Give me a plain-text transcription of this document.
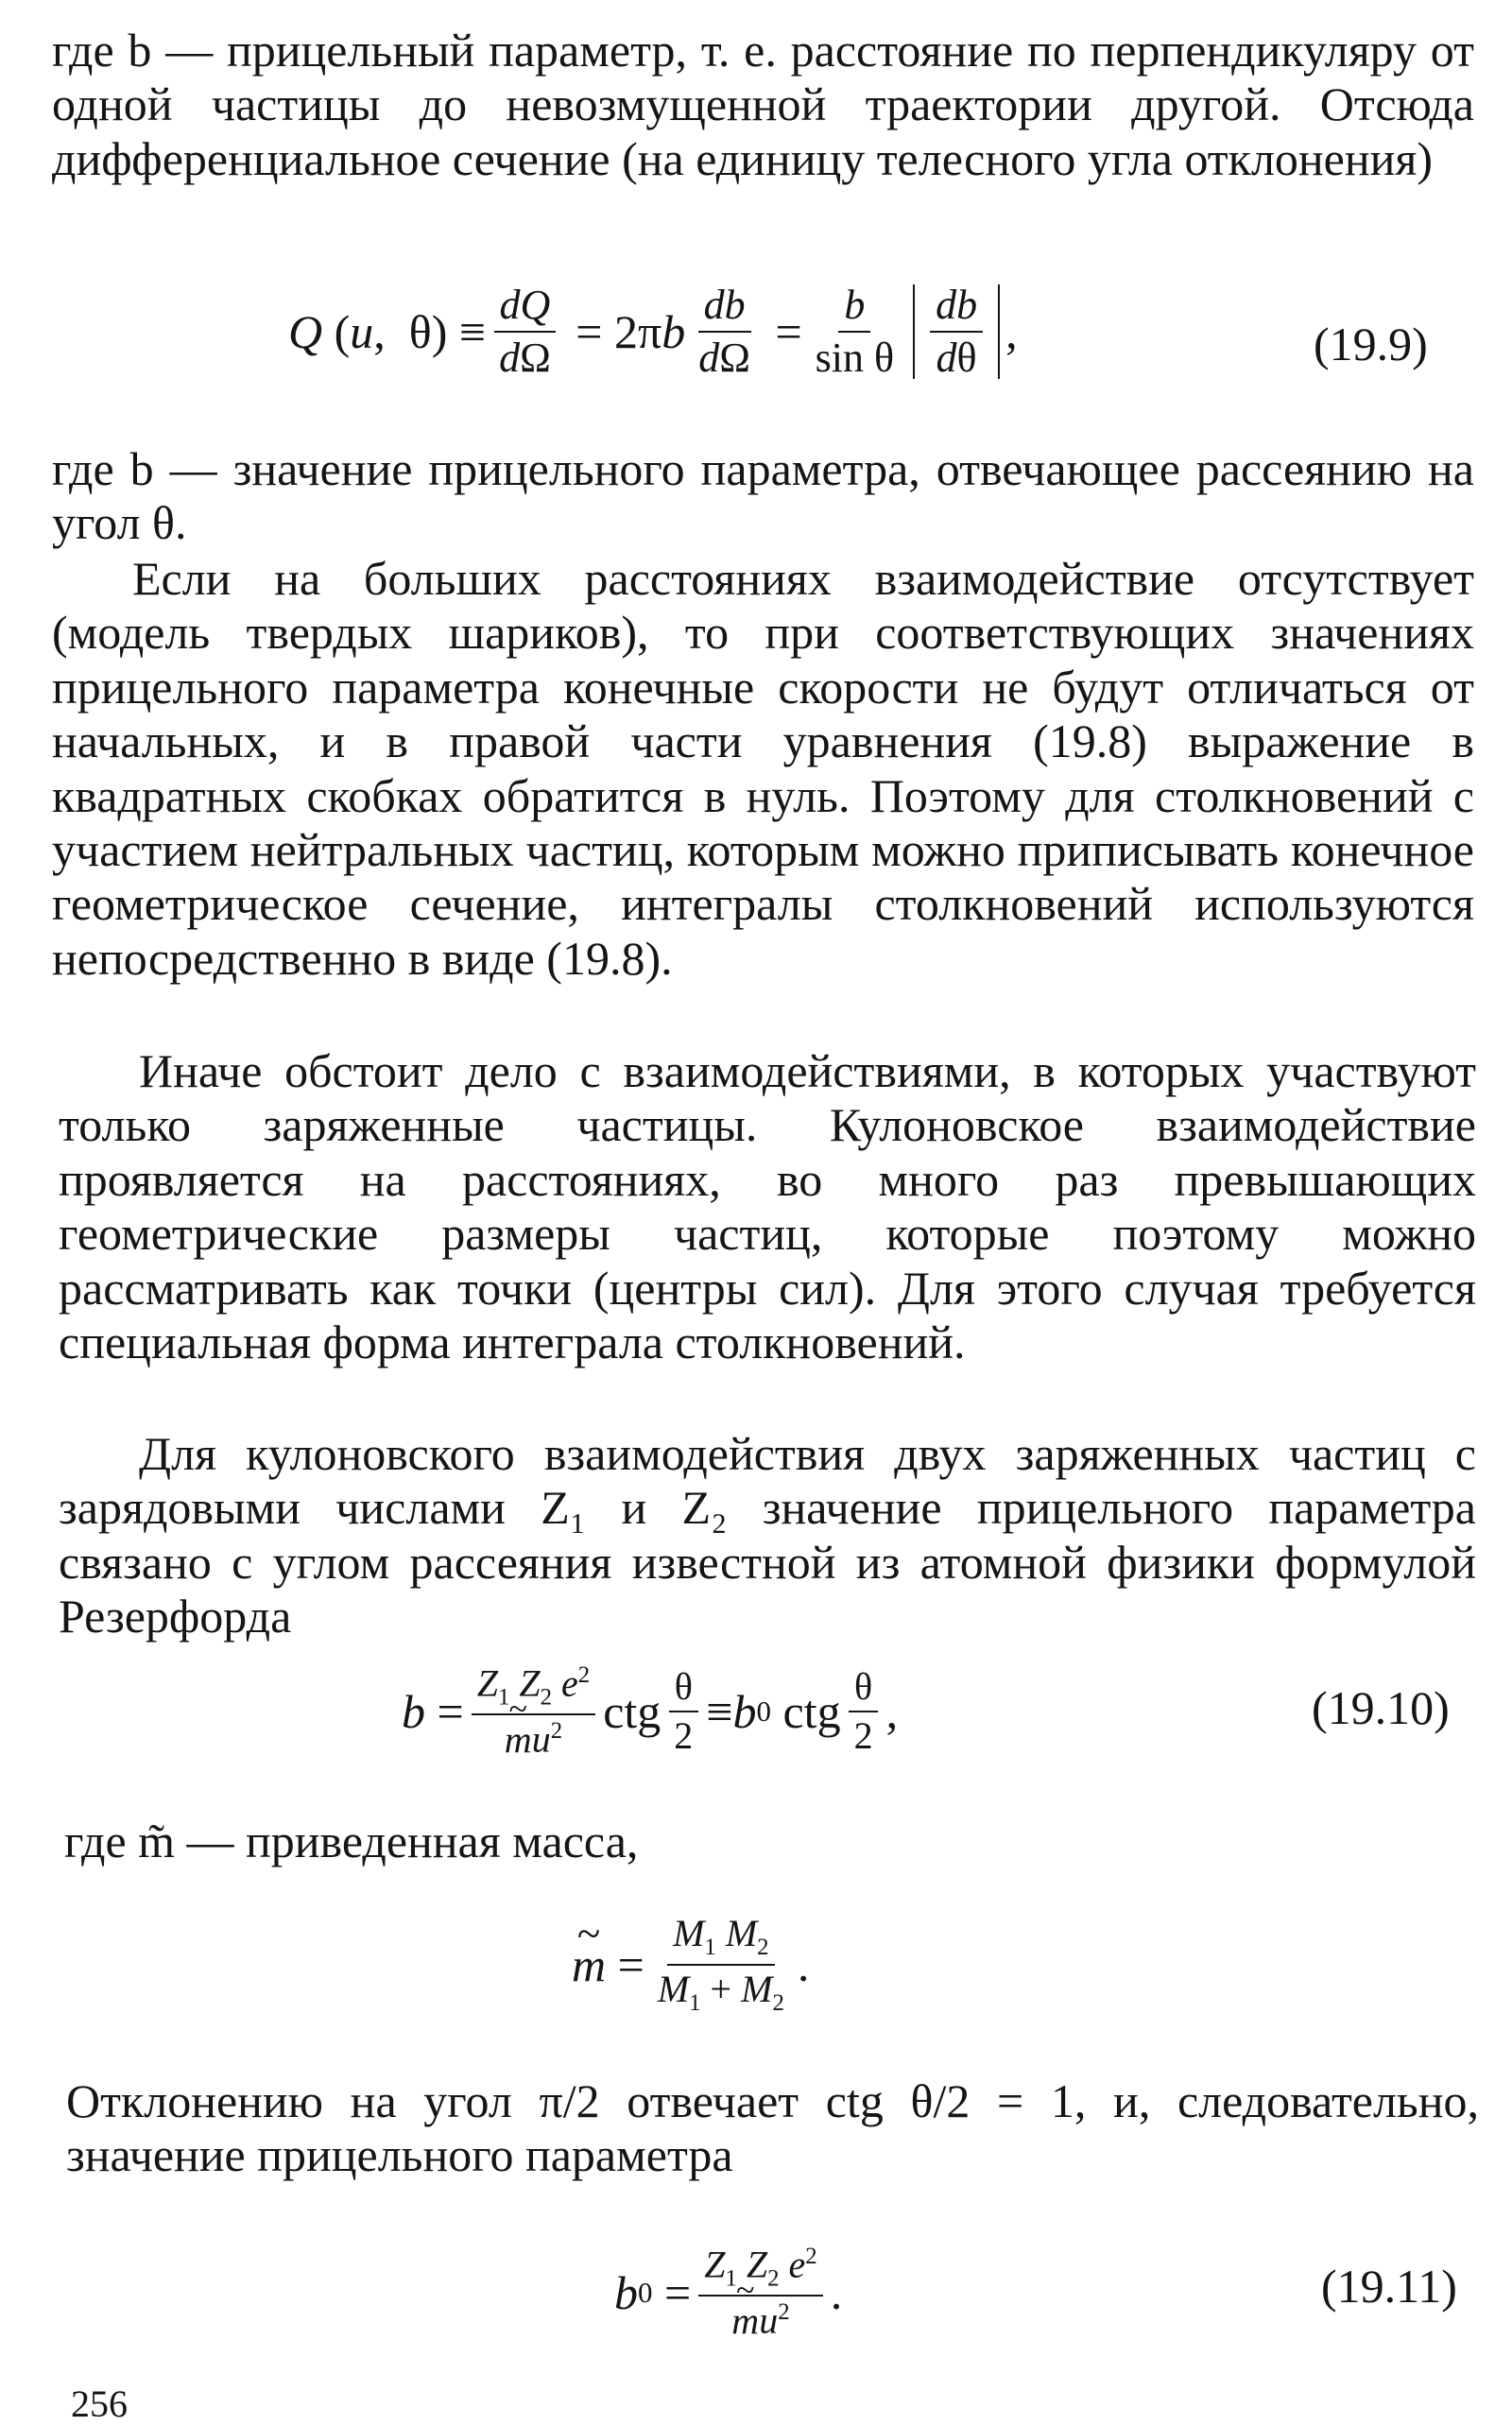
где b — прицельный параметр, т. е. расстояние по перпендикуляру от одной частицы до невозмущенной траектории другой. Отсюда дифференциальное сечение (на единицу телесного угла отклонения)

Q ( u ,  $\theta) \equiv \frac{dQ}{d\Omega} = 2\pi$ b $\frac{db}{d\Omega} = \frac{b}{\text{sin θ}} \frac{db}{d\theta}$ ,	(19.9)

где b — значение прицельного параметра, отвечающее рассеянию на угол θ.

Если на больших расстояниях взаимодействие отсутствует (модель твердых шариков), то при соответствующих значениях прицельного параметра конечные скорости не будут отличаться от начальных, и в правой части уравнения (19.8) выражение в квадратных скобках обратится в нуль. Поэтому для столкновений с участием нейтральных частиц, которым можно приписывать конечное геометрическое сечение, интегралы столкновений используются непосредственно в виде (19.8).

Иначе обстоит дело с взаимодействиями, в которых участвуют только заряженные частицы. Кулоновское взаимодействие проявляется на расстояниях, во много раз превышающих геометрические размеры частиц, которые поэтому можно рассматривать как точки (центры сил). Для этого случая требуется специальная форма интеграла столкновений.

Для кулоновского взаимодействия двух заряженных частиц с зарядовыми числами Z₁ и Z₂ значение прицельного параметра связано с углом рассеяния известной из атомной физики формулой Резерфорда

$b = Z_1$ $Z_2$ $e^2$
~ $mu^2$ ctg $\frac{\theta}{2} \equiv b$ 0 ctg $\frac{\theta}{2}$ ,	(19.10)

где m̃ — приведенная масса,

~ $m = \frac{M_1 M_2}{M_1 + M_2}$ .

Отклонению на угол π/2 отвечает ctg θ/2 = 1, и, следовательно, значение прицельного параметра

b $0 = Z_1$ $Z_2$ $e^2$
~ $mu^2$ .	(19.11)
256
